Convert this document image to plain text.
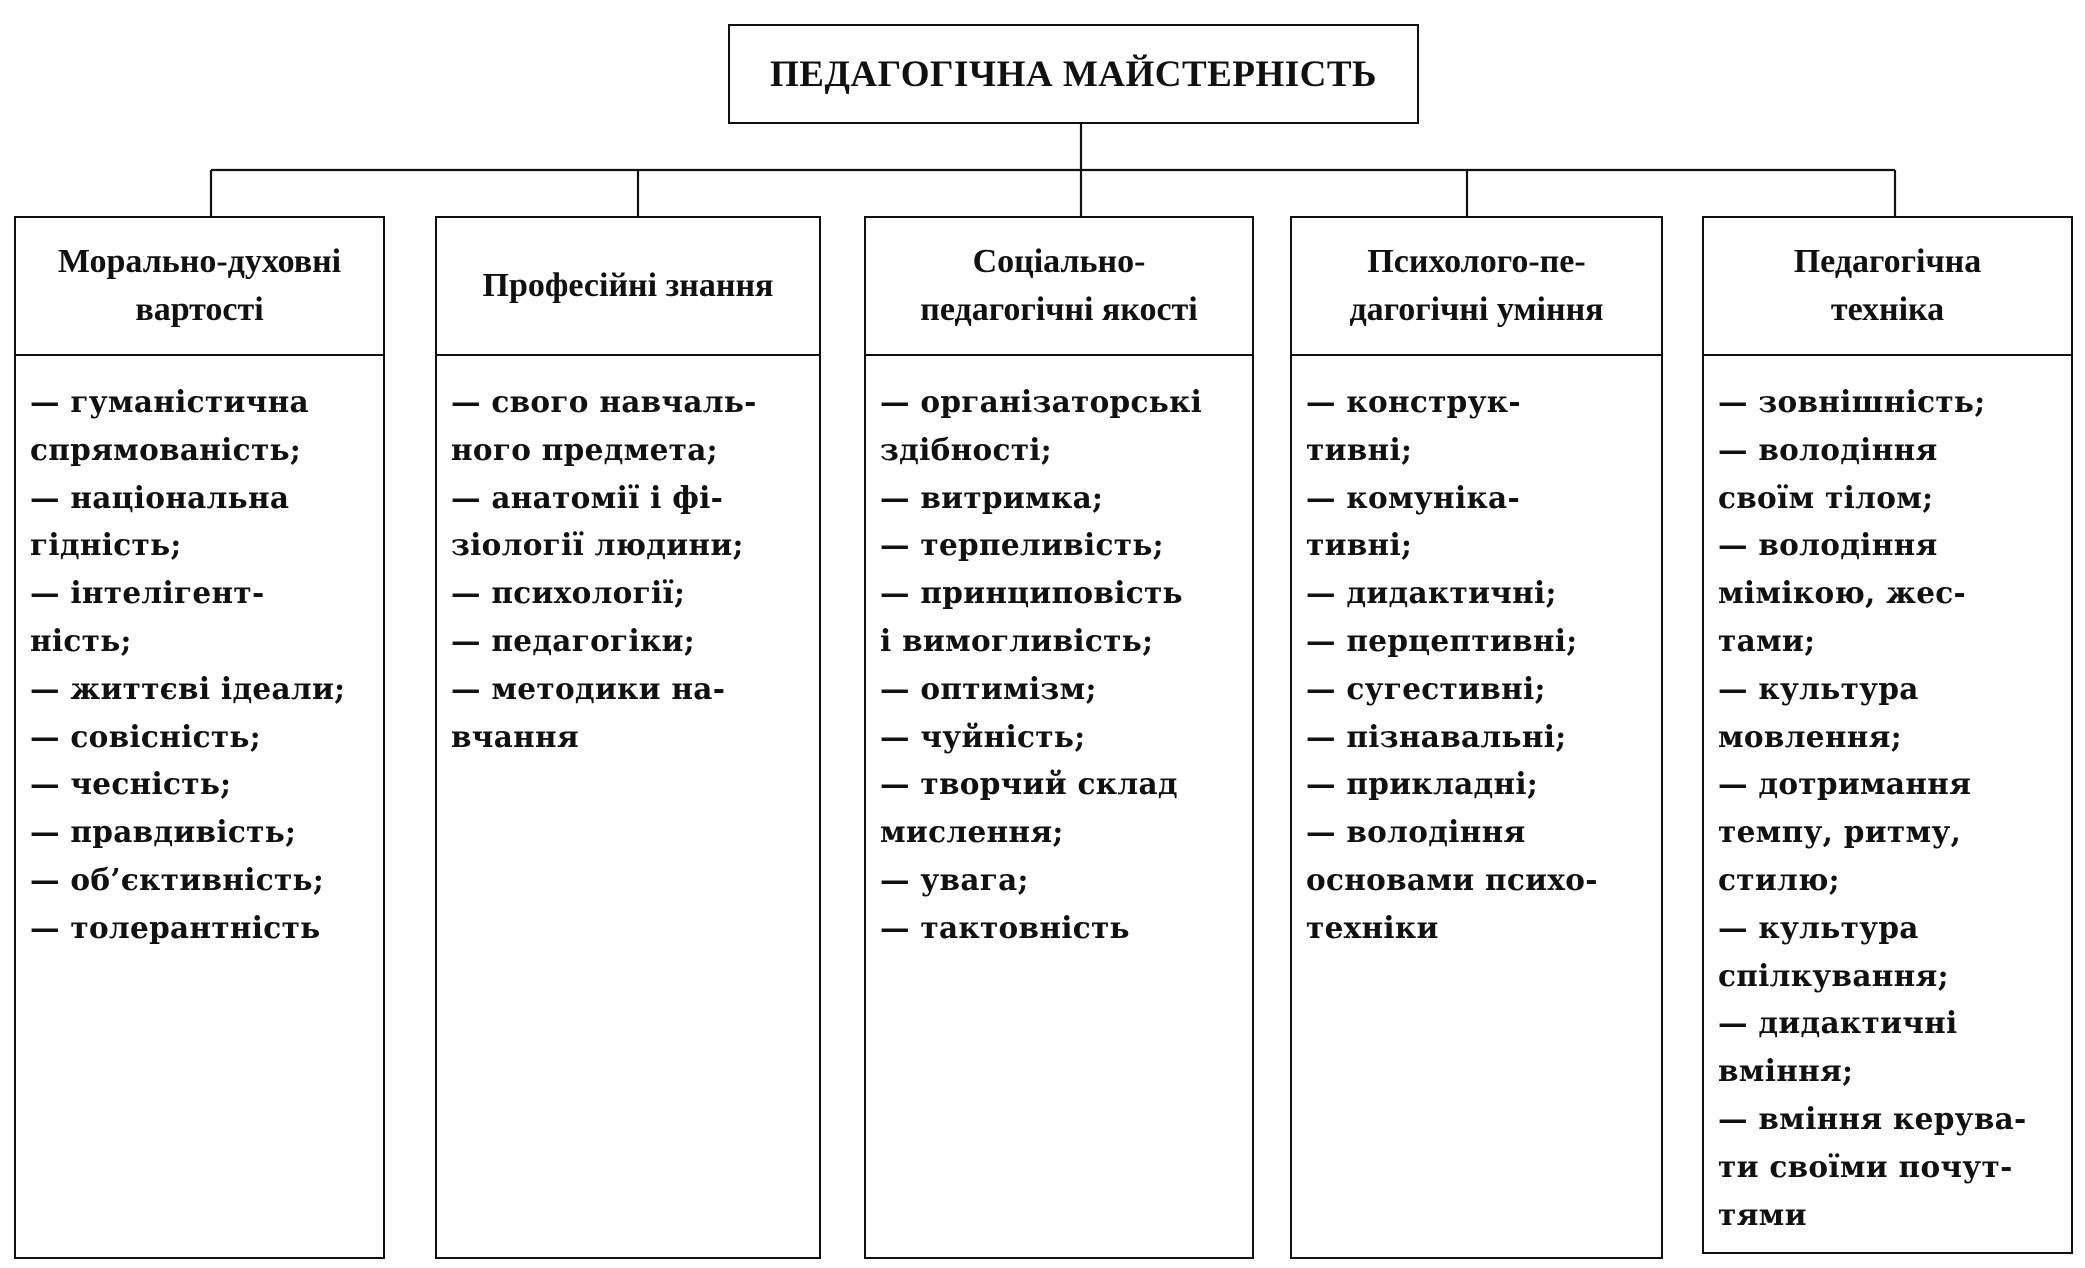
ПЕДАГОГІЧНА МАЙСТЕРНІСТЬ
Морально-духовні
вартості
— гуманістична
спрямованість;
— національна
гідність;
— інтелігент-
ність;
— життєві ідеали;
— совісність;
— чесність;
— правдивість;
— об’єктивність;
— толерантність
Професійні знання
— свого навчаль-
ного предмета;
— анатомії і фі-
зіології людини;
— психології;
— педагогіки;
— методики на-
вчання
Соціально-
педагогічні якості
— організаторські
здібності;
— витримка;
— терпеливість;
— принциповість
і вимогливість;
— оптимізм;
— чуйність;
— творчий склад
мислення;
— увага;
— тактовність
Психолого-пе-
дагогічні уміння
— конструк-
тивні;
— комуніка-
тивні;
— дидактичні;
— перцептивні;
— сугестивні;
— пізнавальні;
— прикладні;
— володіння
основами психо-
техніки
Педагогічна
техніка
— зовнішність;
— володіння
своїм тілом;
— володіння
мімікою, жес-
тами;
— культура
мовлення;
— дотримання
темпу, ритму,
стилю;
— культура
спілкування;
— дидактичні
вміння;
— вміння керува-
ти своїми почут-
тями
